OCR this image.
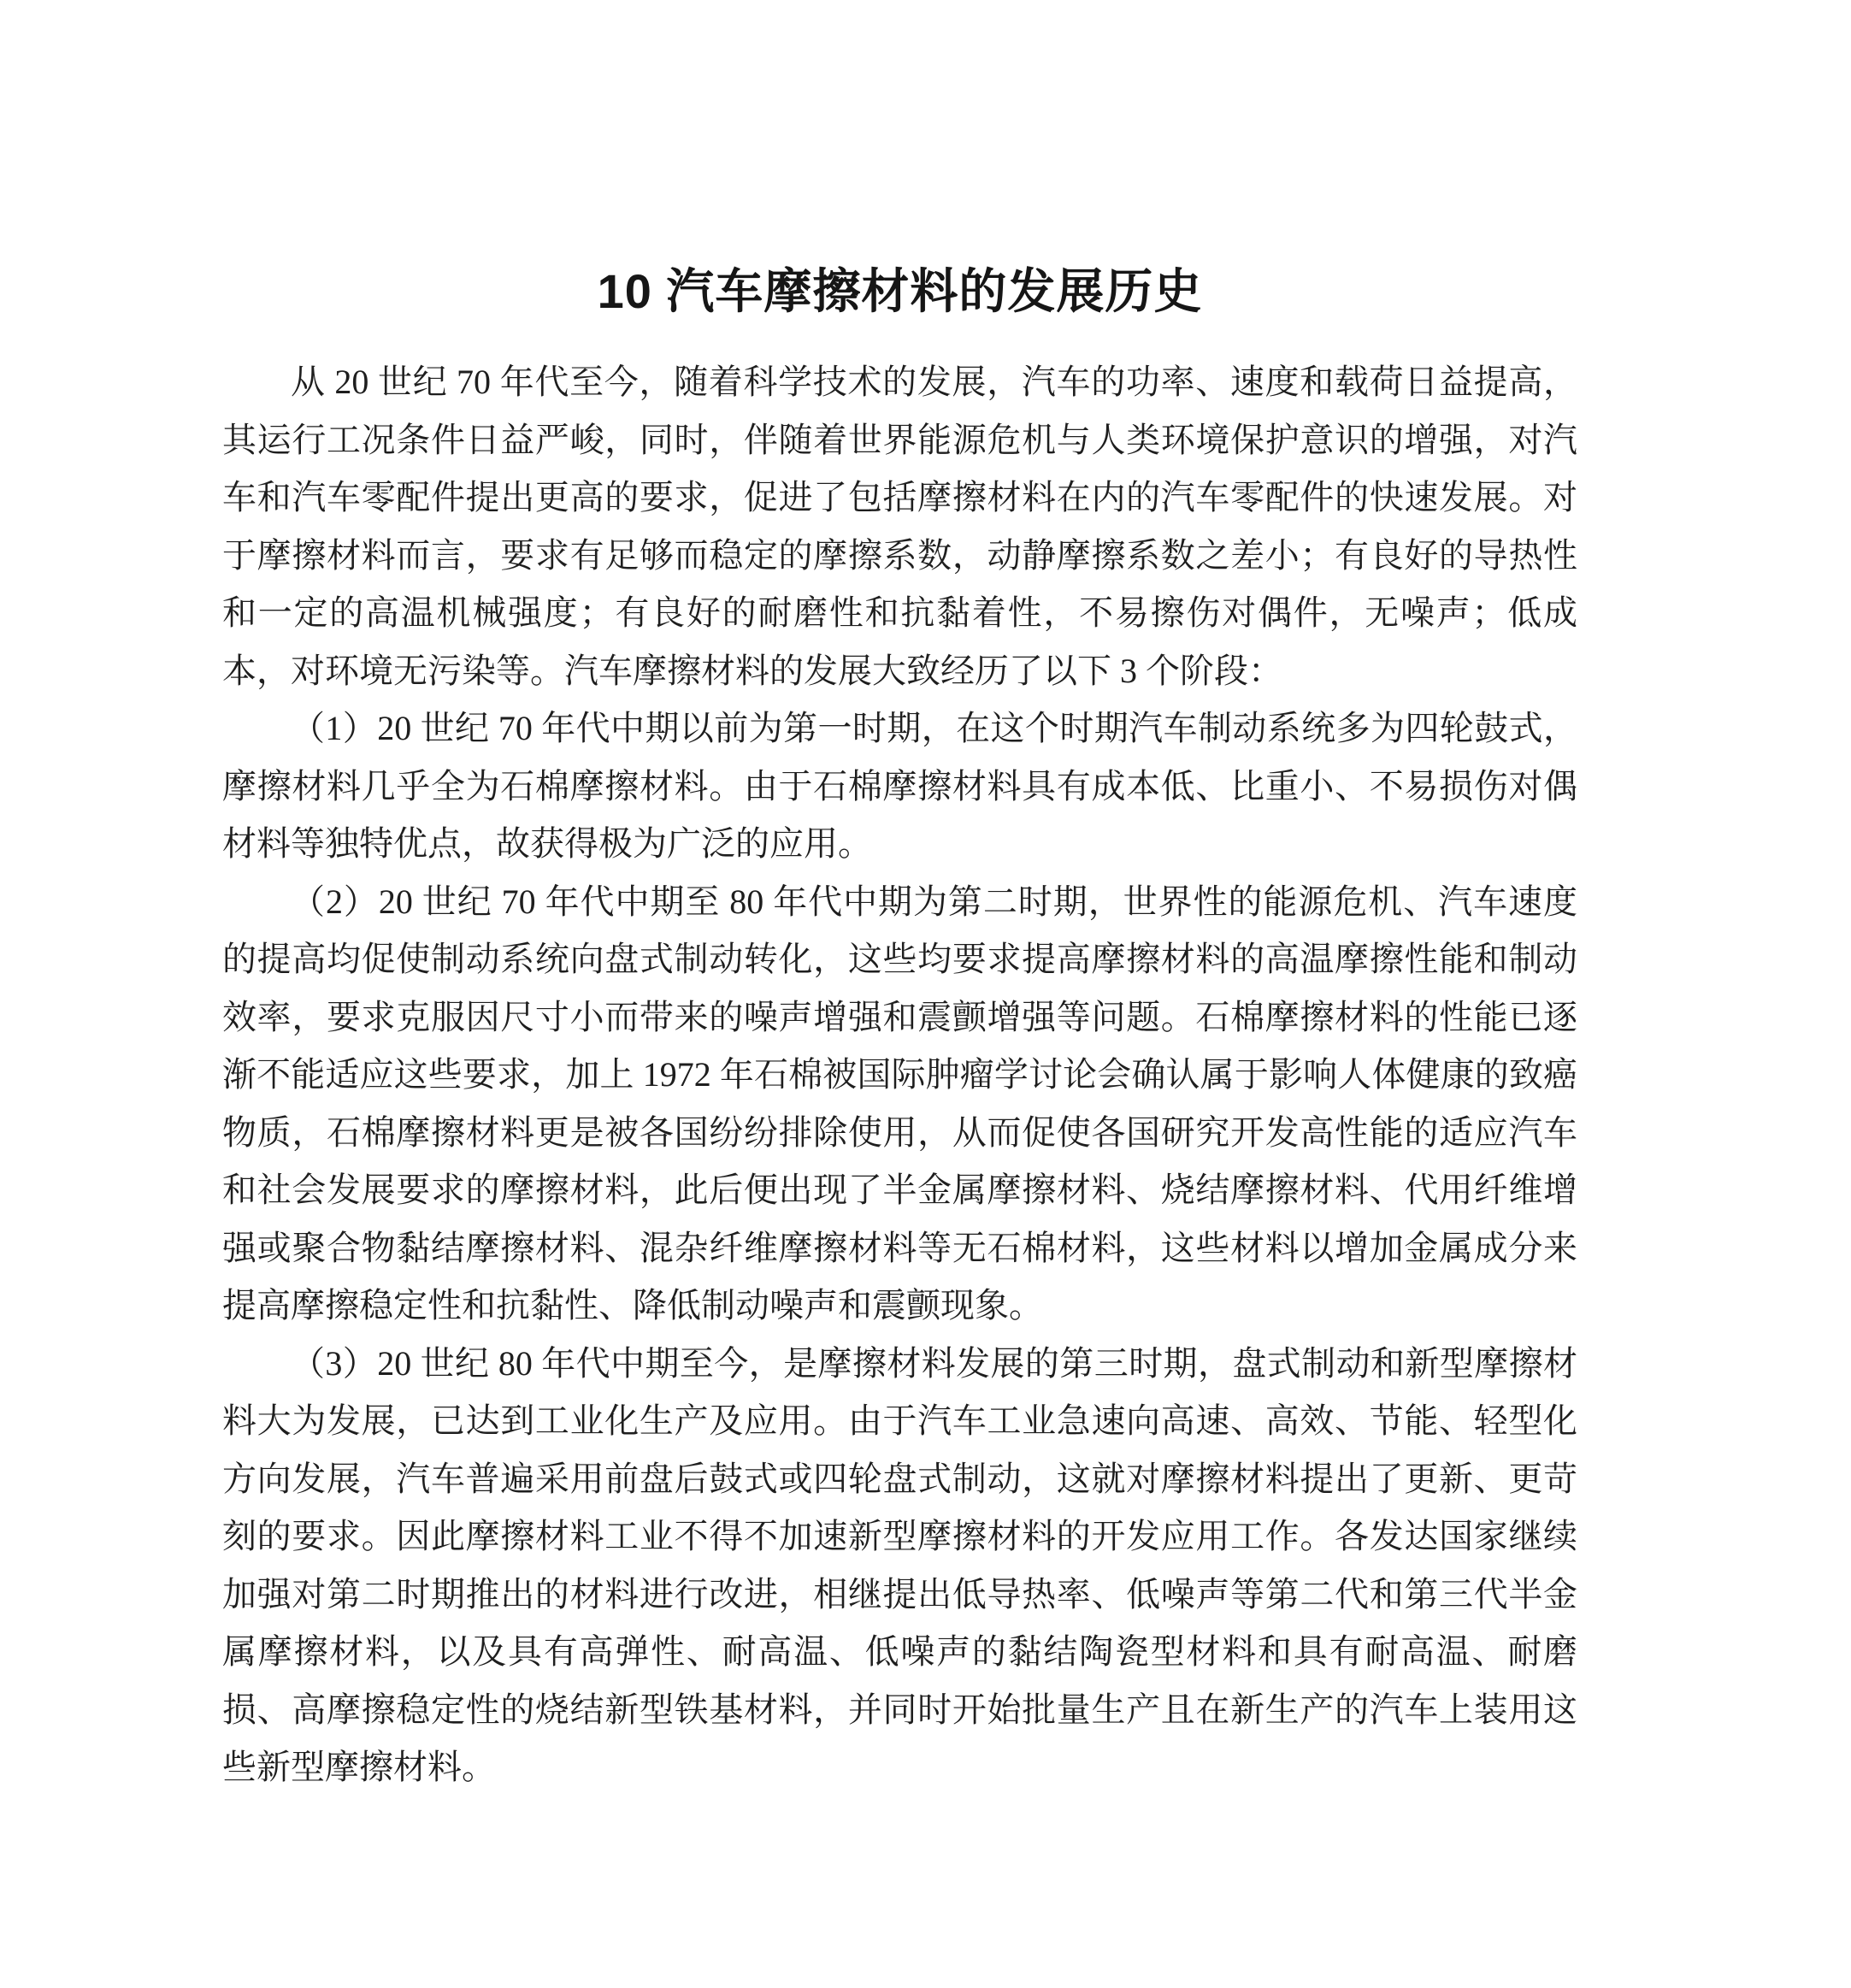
10 汽车摩擦材料的发展历史

从 20 世纪 70 年代至今，随着科学技术的发展，汽车的功率、速度和载荷日益提高，其运行工况条件日益严峻，同时，伴随着世界能源危机与人类环境保护意识的增强，对汽车和汽车零配件提出更高的要求，促进了包括摩擦材料在内的汽车零配件的快速发展。对于摩擦材料而言，要求有足够而稳定的摩擦系数，动静摩擦系数之差小；有良好的导热性和一定的高温机械强度；有良好的耐磨性和抗黏着性，不易擦伤对偶件，无噪声；低成本，对环境无污染等。汽车摩擦材料的发展大致经历了以下 3 个阶段：

（1）20 世纪 70 年代中期以前为第一时期，在这个时期汽车制动系统多为四轮鼓式，摩擦材料几乎全为石棉摩擦材料。由于石棉摩擦材料具有成本低、比重小、不易损伤对偶材料等独特优点，故获得极为广泛的应用。

（2）20 世纪 70 年代中期至 80 年代中期为第二时期，世界性的能源危机、汽车速度的提高均促使制动系统向盘式制动转化，这些均要求提高摩擦材料的高温摩擦性能和制动效率，要求克服因尺寸小而带来的噪声增强和震颤增强等问题。石棉摩擦材料的性能已逐渐不能适应这些要求，加上 1972 年石棉被国际肿瘤学讨论会确认属于影响人体健康的致癌物质，石棉摩擦材料更是被各国纷纷排除使用，从而促使各国研究开发高性能的适应汽车和社会发展要求的摩擦材料，此后便出现了半金属摩擦材料、烧结摩擦材料、代用纤维增强或聚合物黏结摩擦材料、混杂纤维摩擦材料等无石棉材料，这些材料以增加金属成分来提高摩擦稳定性和抗黏性、降低制动噪声和震颤现象。

（3）20 世纪 80 年代中期至今，是摩擦材料发展的第三时期，盘式制动和新型摩擦材料大为发展，已达到工业化生产及应用。由于汽车工业急速向高速、高效、节能、轻型化方向发展，汽车普遍采用前盘后鼓式或四轮盘式制动，这就对摩擦材料提出了更新、更苛刻的要求。因此摩擦材料工业不得不加速新型摩擦材料的开发应用工作。各发达国家继续加强对第二时期推出的材料进行改进，相继提出低导热率、低噪声等第二代和第三代半金属摩擦材料，以及具有高弹性、耐高温、低噪声的黏结陶瓷型材料和具有耐高温、耐磨损、高摩擦稳定性的烧结新型铁基材料，并同时开始批量生产且在新生产的汽车上装用这些新型摩擦材料。
